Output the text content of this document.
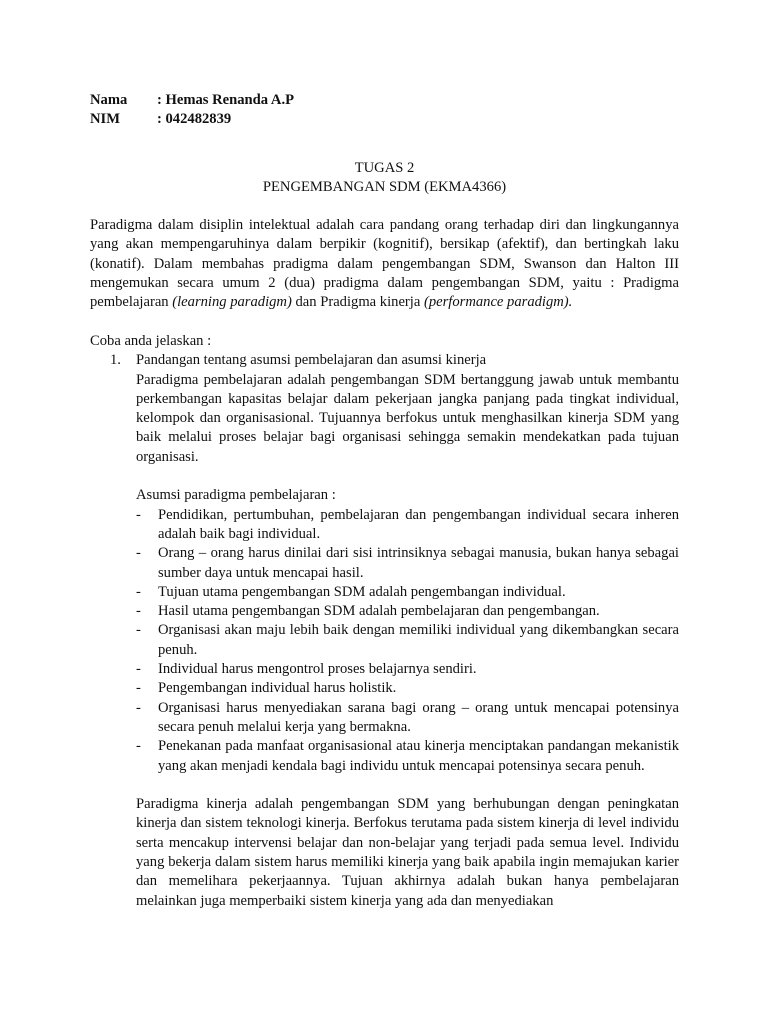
Nama	: Hemas Renanda A.P
NIM	: 042482839
TUGAS 2
PENGEMBANGAN SDM (EKMA4366)
Paradigma dalam disiplin intelektual adalah cara pandang orang terhadap diri dan lingkungannya yang akan mempengaruhinya dalam berpikir (kognitif), bersikap (afektif), dan bertingkah laku (konatif). Dalam membahas pradigma dalam pengembangan SDM, Swanson dan Halton III mengemukan secara umum 2 (dua) pradigma dalam pengembangan SDM, yaitu : Pradigma pembelajaran (learning paradigm) dan Pradigma kinerja (performance paradigm).
Coba anda jelaskan :
1. Pandangan tentang asumsi pembelajaran dan asumsi kinerja
Paradigma pembelajaran adalah pengembangan SDM bertanggung jawab untuk membantu perkembangan kapasitas belajar dalam pekerjaan jangka panjang pada tingkat individual, kelompok dan organisasional. Tujuannya berfokus untuk menghasilkan kinerja SDM yang baik melalui proses belajar bagi organisasi sehingga semakin mendekatkan pada tujuan organisasi.
Asumsi paradigma pembelajaran :
- Pendidikan, pertumbuhan, pembelajaran dan pengembangan individual secara inheren adalah baik bagi individual.
- Orang – orang harus dinilai dari sisi intrinsiknya sebagai manusia, bukan hanya sebagai sumber daya untuk mencapai hasil.
- Tujuan utama pengembangan SDM adalah pengembangan individual.
- Hasil utama pengembangan SDM adalah pembelajaran dan pengembangan.
- Organisasi akan maju lebih baik dengan memiliki individual yang dikembangkan secara penuh.
- Individual harus mengontrol proses belajarnya sendiri.
- Pengembangan individual harus holistik.
- Organisasi harus menyediakan sarana bagi orang – orang untuk mencapai potensinya secara penuh melalui kerja yang bermakna.
- Penekanan pada manfaat organisasional atau kinerja menciptakan pandangan mekanistik yang akan menjadi kendala bagi individu untuk mencapai potensinya secara penuh.
Paradigma kinerja adalah pengembangan SDM yang berhubungan dengan peningkatan kinerja dan sistem teknologi kinerja. Berfokus terutama pada sistem kinerja di level individu serta mencakup intervensi belajar dan non-belajar yang terjadi pada semua level. Individu yang bekerja dalam sistem harus memiliki kinerja yang baik apabila ingin memajukan karier dan memelihara pekerjaannya. Tujuan akhirnya adalah bukan hanya pembelajaran melainkan juga memperbaiki sistem kinerja yang ada dan menyediakan
